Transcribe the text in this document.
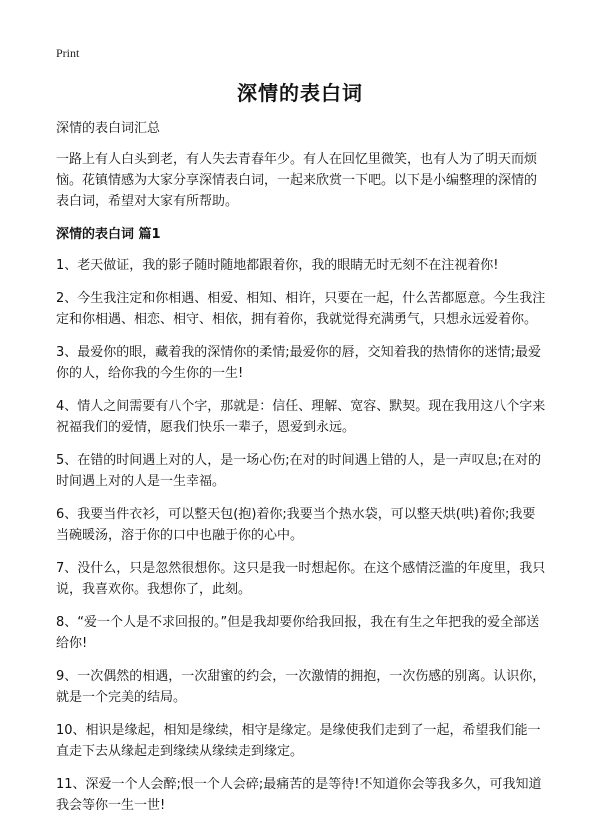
Print
深情的表白词

深情的表白词汇总

一路上有人白头到老，有人失去青春年少。有人在回忆里微笑，也有人为了明天而烦恼。花镇情感为大家分享深情表白词，一起来欣赏一下吧。以下是小编整理的深情的表白词，希望对大家有所帮助。

深情的表白词 篇1

1、老天做证，我的影子随时随地都跟着你，我的眼睛无时无刻不在注视着你!

2、今生我注定和你相遇、相爱、相知、相许，只要在一起，什么苦都愿意。今生我注定和你相遇、相恋、相守、相依，拥有着你，我就觉得充满勇气，只想永远爱着你。

3、最爱你的眼，藏着我的深情你的柔情;最爱你的唇，交知着我的热情你的迷情;最爱你的人，给你我的今生你的一生!

4、情人之间需要有八个字，那就是：信任、理解、宽容、默契。现在我用这八个字来祝福我们的爱情，愿我们快乐一辈子，恩爱到永远。

5、在错的时间遇上对的人，是一场心伤;在对的时间遇上错的人，是一声叹息;在对的时间遇上对的人是一生幸福。

6、我要当件衣衫，可以整天包(抱)着你;我要当个热水袋，可以整天烘(哄)着你;我要当碗暖汤，溶于你的口中也融于你的心中。

7、没什么，只是忽然很想你。这只是我一时想起你。在这个感情泛滥的年度里，我只说，我喜欢你。我想你了，此刻。

8、“爱一个人是不求回报的。”但是我却要你给我回报，我在有生之年把我的爱全部送给你!

9、一次偶然的相遇，一次甜蜜的约会，一次激情的拥抱，一次伤感的别离。认识你，就是一个完美的结局。

10、相识是缘起，相知是缘续，相守是缘定。是缘使我们走到了一起，希望我们能一直走下去从缘起走到缘续从缘续走到缘定。

11、深爱一个人会醉;恨一个人会碎;最痛苦的是等待!不知道你会等我多久，可我知道我会等你一生一世!
